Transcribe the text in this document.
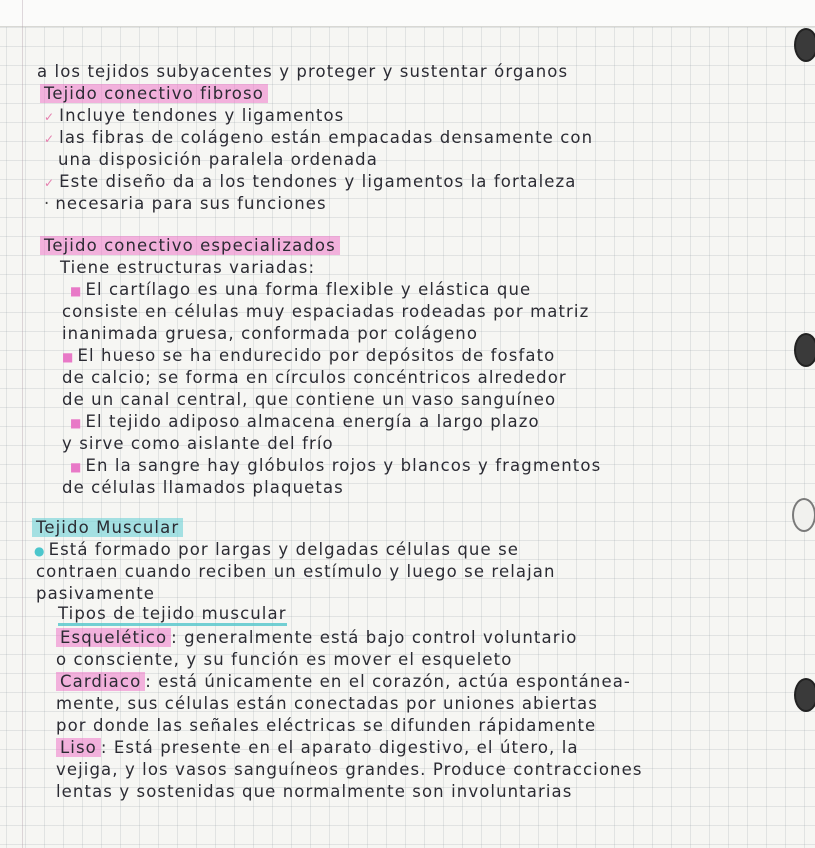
a los tejidos subyacentes y proteger y sustentar órganos
Tejido conectivo fibroso
✓ Incluye tendones y ligamentos
✓ las fibras de colágeno están empacadas densamente con
una disposición paralela ordenada
✓ Este diseño da a los tendones y ligamentos la fortaleza
· necesaria para sus funciones
Tejido conectivo especializados
Tiene estructuras variadas:
■ El cartílago es una forma flexible y elástica que
consiste en células muy espaciadas rodeadas por matriz
inanimada gruesa, conformada por colágeno
■ El hueso se ha endurecido por depósitos de fosfato
de calcio; se forma en círculos concéntricos alrededor
de un canal central, que contiene un vaso sanguíneo
■ El tejido adiposo almacena energía a largo plazo
y sirve como aislante del frío
■ En la sangre hay glóbulos rojos y blancos y fragmentos
de células llamados plaquetas
Tejido Muscular
● Está formado por largas y delgadas células que se
contraen cuando reciben un estímulo y luego se relajan
pasivamente
Tipos de tejido muscular
Esquelético : generalmente está bajo control voluntario
o consciente, y su función es mover el esqueleto
Cardiaco : está únicamente en el corazón, actúa espontánea-
mente, sus células están conectadas por uniones abiertas
por donde las señales eléctricas se difunden rápidamente
Liso : Está presente en el aparato digestivo, el útero, la
vejiga, y los vasos sanguíneos grandes. Produce contracciones
lentas y sostenidas que normalmente son involuntarias
